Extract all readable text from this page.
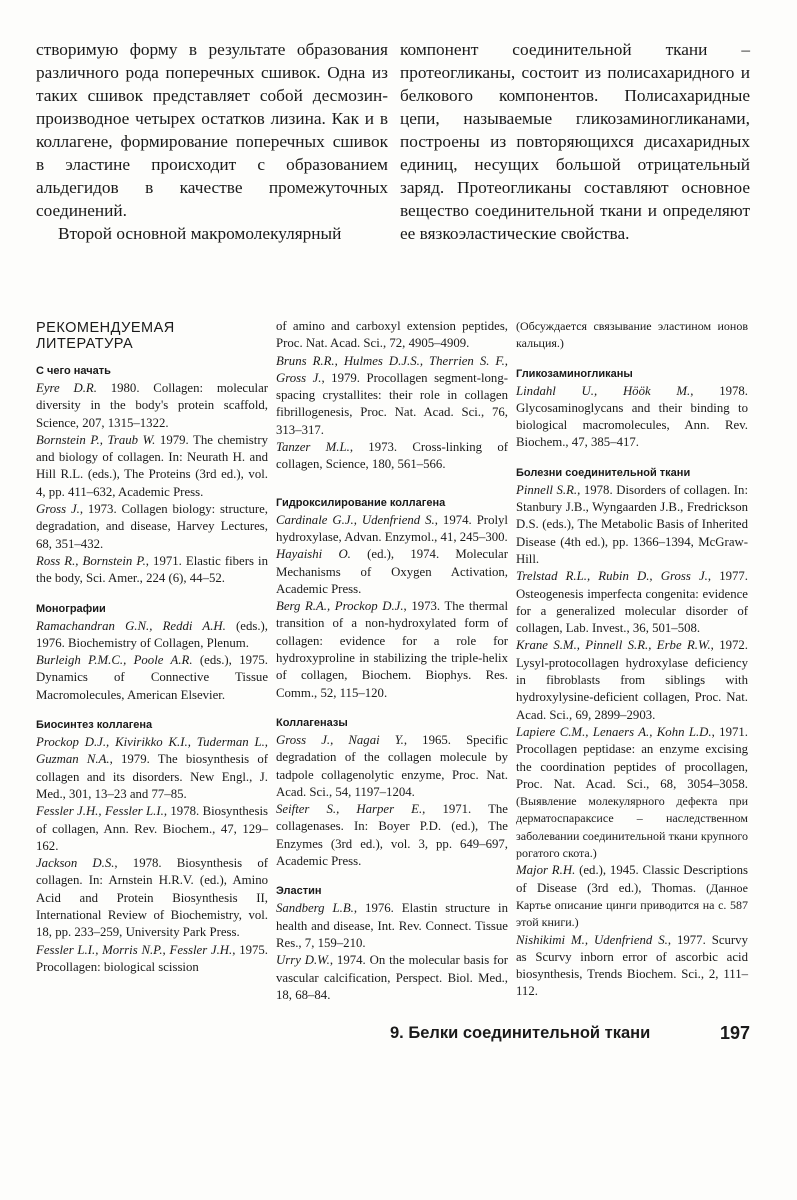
створимую форму в результате образования различного рода поперечных сшивок. Одна из таких сшивок представляет собой десмозин-производное четырех остатков лизина. Как и в коллагене, формирование поперечных сшивок в эластине происходит с образованием альдегидов в качестве промежуточных соединений.

Второй основной макромолекулярный

компонент соединительной ткани – протеогликаны, состоит из полисахаридного и белкового компонентов. Полисахаридные цепи, называемые гликозаминогликанами, построены из повторяющихся дисахаридных единиц, несущих большой отрицательный заряд. Протеогликаны составляют основное вещество соединительной ткани и определяют ее вязкоэластические свойства.

РЕКОМЕНДУЕМАЯ ЛИТЕРАТУРА
С чего начать

Eyre D.R. 1980. Collagen: molecular diversity in the body's protein scaffold, Science, 207, 1315–1322.

Bornstein P., Traub W. 1979. The chemistry and biology of collagen. In: Neurath H. and Hill R.L. (eds.), The Proteins (3rd ed.), vol. 4, pp. 411–632, Academic Press.

Gross J., 1973. Collagen biology: structure, degradation, and disease, Harvey Lectures, 68, 351–432.

Ross R., Bornstein P., 1971. Elastic fibers in the body, Sci. Amer., 224 (6), 44–52.

Монографии

Ramachandran G.N., Reddi A.H. (eds.), 1976. Biochemistry of Collagen, Plenum.

Burleigh P.M.C., Poole A.R. (eds.), 1975. Dynamics of Connective Tissue Macromolecules, American Elsevier.

Биосинтез коллагена

Prockop D.J., Kivirikko K.I., Tuderman L., Guzman N.A., 1979. The biosynthesis of collagen and its disorders. New Engl., J. Med., 301, 13–23 and 77–85.

Fessler J.H., Fessler L.I., 1978. Biosynthesis of collagen, Ann. Rev. Biochem., 47, 129–162.

Jackson D.S., 1978. Biosynthesis of collagen. In: Arnstein H.R.V. (ed.), Amino Acid and Protein Biosynthesis II, International Review of Biochemistry, vol. 18, pp. 233–259, University Park Press.

Fessler L.I., Morris N.P., Fessler J.H., 1975. Procollagen: biological scission

of amino and carboxyl extension peptides, Proc. Nat. Acad. Sci., 72, 4905–4909.

Bruns R.R., Hulmes D.J.S., Therrien S. F., Gross J., 1979. Procollagen segment-long-spacing crystallites: their role in collagen fibrillogenesis, Proc. Nat. Acad. Sci., 76, 313–317.

Tanzer M.L., 1973. Cross-linking of collagen, Science, 180, 561–566.

Гидроксилирование коллагена

Cardinale G.J., Udenfriend S., 1974. Prolyl hydroxylase, Advan. Enzymol., 41, 245–300.

Hayaishi O. (ed.), 1974. Molecular Mechanisms of Oxygen Activation, Academic Press.

Berg R.A., Prockop D.J., 1973. The thermal transition of a non-hydroxylated form of collagen: evidence for a role for hydroxyproline in stabilizing the triple-helix of collagen, Biochem. Biophys. Res. Comm., 52, 115–120.

Коллагеназы

Gross J., Nagai Y., 1965. Specific degradation of the collagen molecule by tadpole collagenolytic enzyme, Proc. Nat. Acad. Sci., 54, 1197–1204.

Seifter S., Harper E., 1971. The collagenases. In: Boyer P.D. (ed.), The Enzymes (3rd ed.), vol. 3, pp. 649–697, Academic Press.

Эластин

Sandberg L.B., 1976. Elastin structure in health and disease, Int. Rev. Connect. Tissue Res., 7, 159–210.

Urry D.W., 1974. On the molecular basis for vascular calcification, Perspect. Biol. Med., 18, 68–84.

(Обсуждается связывание эластином ионов кальция.)

Гликозаминогликаны

Lindahl U., Höök M., 1978. Glycosaminoglycans and their binding to biological macromolecules, Ann. Rev. Biochem., 47, 385–417.

Болезни соединительной ткани

Pinnell S.R., 1978. Disorders of collagen. In: Stanbury J.B., Wyngaarden J.B., Fredrickson D.S. (eds.), The Metabolic Basis of Inherited Disease (4th ed.), pp. 1366–1394, McGraw-Hill.

Trelstad R.L., Rubin D., Gross J., 1977. Osteogenesis imperfecta congenita: evidence for a generalized molecular disorder of collagen, Lab. Invest., 36, 501–508.

Krane S.M., Pinnell S.R., Erbe R.W., 1972. Lysyl-protocollagen hydroxylase deficiency in fibroblasts from siblings with hydroxylysine-deficient collagen, Proc. Nat. Acad. Sci., 69, 2899–2903.

Lapiere C.M., Lenaers A., Kohn L.D., 1971. Procollagen peptidase: an enzyme excising the coordination peptides of procollagen, Proc. Nat. Acad. Sci., 68, 3054–3058. (Выявление молекулярного дефекта при дерматоспараксисе – наследственном заболевании соединительной ткани крупного рогатого скота.)

Major R.H. (ed.), 1945. Classic Descriptions of Disease (3rd ed.), Thomas. (Данное Картье описание цинги приводится на с. 587 этой книги.)

Nishikimi M., Udenfriend S., 1977. Scurvy as Scurvy inborn error of ascorbic acid biosynthesis, Trends Biochem. Sci., 2, 111–112.

9. Белки соединительной ткани	197
